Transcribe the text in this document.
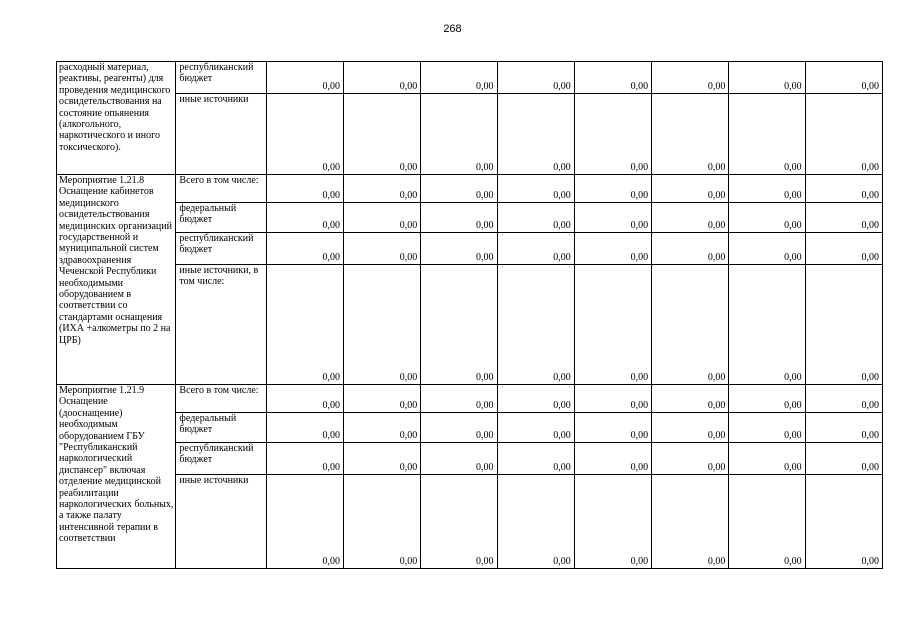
268
расходный материал, реактивы, реагенты) для проведения медицинского освидетельствования на состояние опьянения (алкогольного, наркотического и иного токсического).	республиканский бюджет	0,00	0,00	0,00	0,00	0,00	0,00	0,00	0,00
	иные источники	0,00	0,00	0,00	0,00	0,00	0,00	0,00	0,00
Мероприятие 1.21.8 Оснащение кабинетов медицинского освидетельствования медицинских организаций государственной и муниципальной систем здравоохранения Чеченской Республики необходимыми оборудованием в соответствии со стандартами оснащения (ИХА +алкометры по 2 на ЦРБ)	Всего в том числе:	0,00	0,00	0,00	0,00	0,00	0,00	0,00	0,00
	федеральный бюджет	0,00	0,00	0,00	0,00	0,00	0,00	0,00	0,00
	республиканский бюджет	0,00	0,00	0,00	0,00	0,00	0,00	0,00	0,00
	иные источники, в том числе:	0,00	0,00	0,00	0,00	0,00	0,00	0,00	0,00
Мероприятие 1.21.9 Оснащение (дооснащение) необходимым оборудованием ГБУ "Республиканский наркологический диспансер" включая отделение медицинской реабилитации наркологических больных, а также палату интенсивной терапии в соответствии	Всего в том числе:	0,00	0,00	0,00	0,00	0,00	0,00	0,00	0,00
	федеральный бюджет	0,00	0,00	0,00	0,00	0,00	0,00	0,00	0,00
	республиканский бюджет	0,00	0,00	0,00	0,00	0,00	0,00	0,00	0,00
	иные источники	0,00	0,00	0,00	0,00	0,00	0,00	0,00	0,00
